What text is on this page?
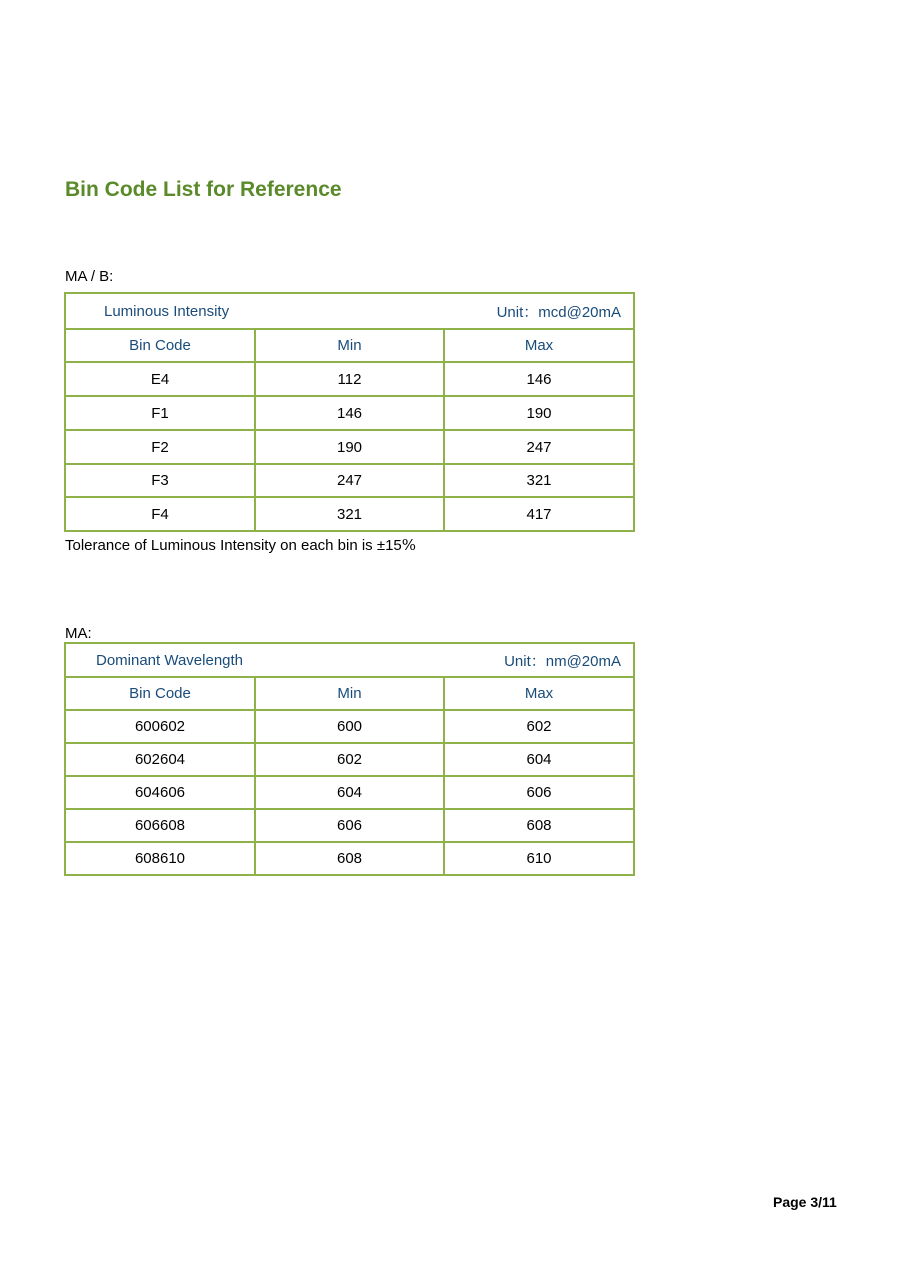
Bin Code List for Reference
MA / B:
Luminous Intensity Unit：mcd@20mA		

Bin Code	Min	Max
E4	112	146
F1	146	190
F2	190	247
F3	247	321
F4	321	417
Tolerance of Luminous Intensity on each bin is ±15%
MA:
Dominant Wavelength Unit：nm@20mA		

Bin Code	Min	Max
600602	600	602
602604	602	604
604606	604	606
606608	606	608
608610	608	610
Page 3/11
